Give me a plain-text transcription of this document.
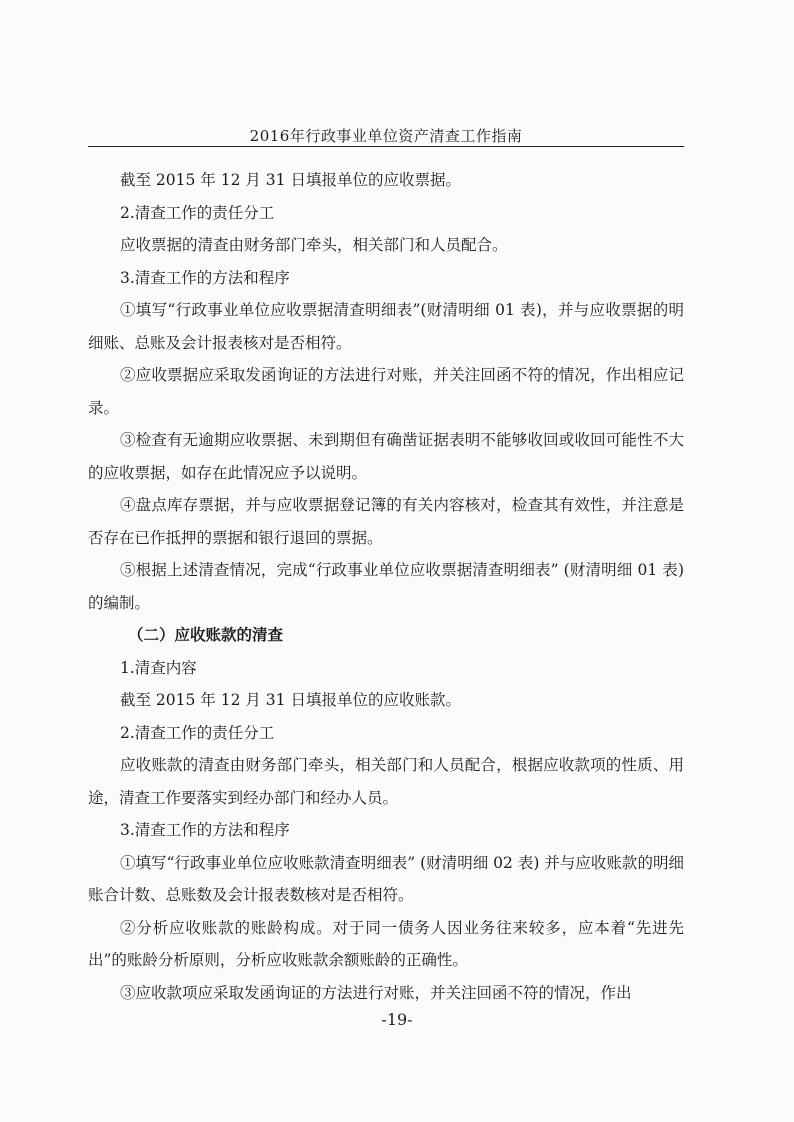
2016年行政事业单位资产清查工作指南

截至 2015 年 12 月 31 日填报单位的应收票据。

2.清查工作的责任分工

应收票据的清查由财务部门牵头，相关部门和人员配合。

3.清查工作的方法和程序

①填写“行政事业单位应收票据清查明细表”(财清明细 01 表)，并与应收票据的明细账、总账及会计报表核对是否相符。

②应收票据应采取发函询证的方法进行对账，并关注回函不符的情况，作出相应记录。

③检查有无逾期应收票据、未到期但有确凿证据表明不能够收回或收回可能性不大的应收票据，如存在此情况应予以说明。

④盘点库存票据，并与应收票据登记簿的有关内容核对，检查其有效性，并注意是否存在已作抵押的票据和银行退回的票据。

⑤根据上述清查情况，完成“行政事业单位应收票据清查明细表” (财清明细 01 表) 的编制。

（二）应收账款的清查

1.清查内容

截至 2015 年 12 月 31 日填报单位的应收账款。

2.清查工作的责任分工

应收账款的清查由财务部门牵头，相关部门和人员配合，根据应收款项的性质、用途，清查工作要落实到经办部门和经办人员。

3.清查工作的方法和程序

①填写“行政事业单位应收账款清查明细表” (财清明细 02 表) 并与应收账款的明细账合计数、总账数及会计报表数核对是否相符。

②分析应收账款的账龄构成。对于同一债务人因业务往来较多，应本着“先进先出”的账龄分析原则，分析应收账款余额账龄的正确性。

③应收款项应采取发函询证的方法进行对账，并关注回函不符的情况，作出

-19-
